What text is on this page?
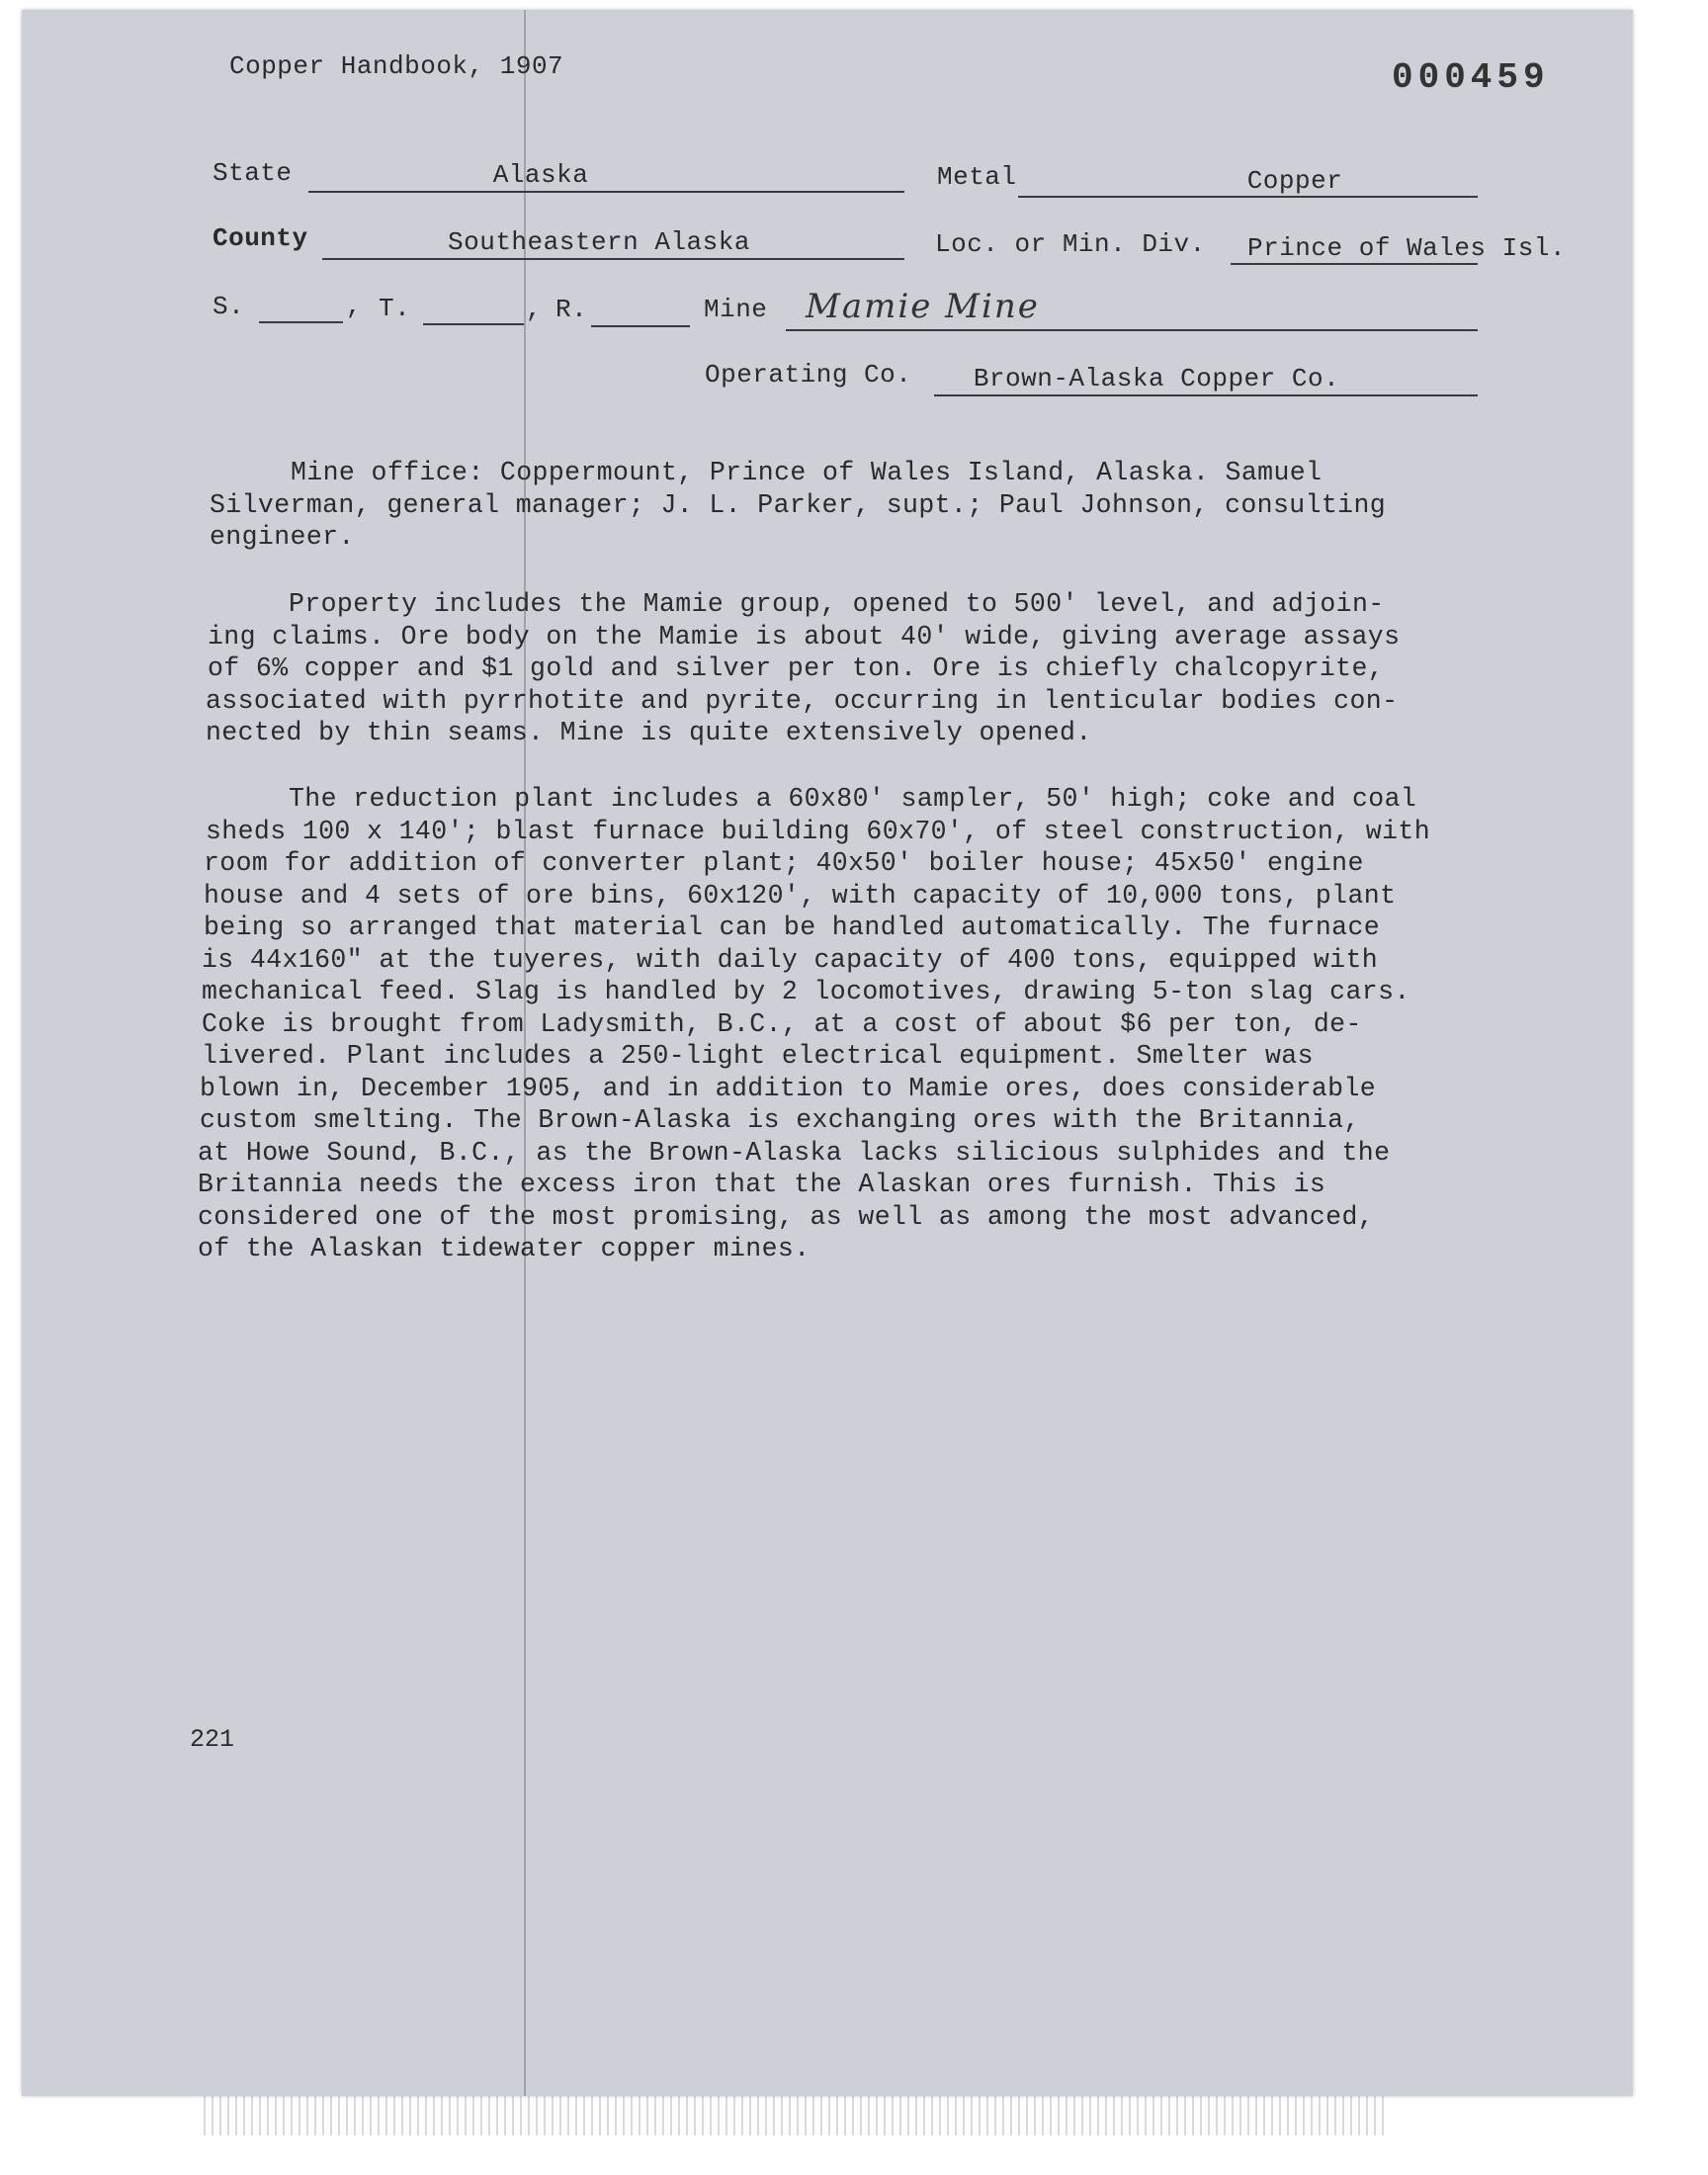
Copper Handbook, 1907	000459
State	Alaska	Metal	Copper
County	Southeastern Alaska	Loc. or Min. Div. Prince of Wales Isl.
S.	, T.	, R.	Mine Mamie Mine
Operating Co.	Brown-Alaska Copper Co.
Mine office: Coppermount, Prince of Wales Island, Alaska. Samuel
Silverman, general manager; J. L. Parker, supt.; Paul Johnson, consulting
engineer.
Property includes the Mamie group, opened to 500' level, and adjoin-
ing claims. Ore body on the Mamie is about 40' wide, giving average assays
of 6% copper and $1 gold and silver per ton. Ore is chiefly chalcopyrite,
associated with pyrrhotite and pyrite, occurring in lenticular bodies con-
nected by thin seams. Mine is quite extensively opened.
The reduction plant includes a 60x80' sampler, 50' high; coke and coal
sheds 100 x 140'; blast furnace building 60x70', of steel construction, with
room for addition of converter plant; 40x50' boiler house; 45x50' engine
house and 4 sets of ore bins, 60x120', with capacity of 10,000 tons, plant
being so arranged that material can be handled automatically. The furnace
is 44x160" at the tuyeres, with daily capacity of 400 tons, equipped with
mechanical feed. Slag is handled by 2 locomotives, drawing 5-ton slag cars.
Coke is brought from Ladysmith, B.C., at a cost of about $6 per ton, de-
livered. Plant includes a 250-light electrical equipment. Smelter was
blown in, December 1905, and in addition to Mamie ores, does considerable
custom smelting. The Brown-Alaska is exchanging ores with the Britannia,
at Howe Sound, B.C., as the Brown-Alaska lacks silicious sulphides and the
Britannia needs the excess iron that the Alaskan ores furnish. This is
considered one of the most promising, as well as among the most advanced,
of the Alaskan tidewater copper mines.
221
